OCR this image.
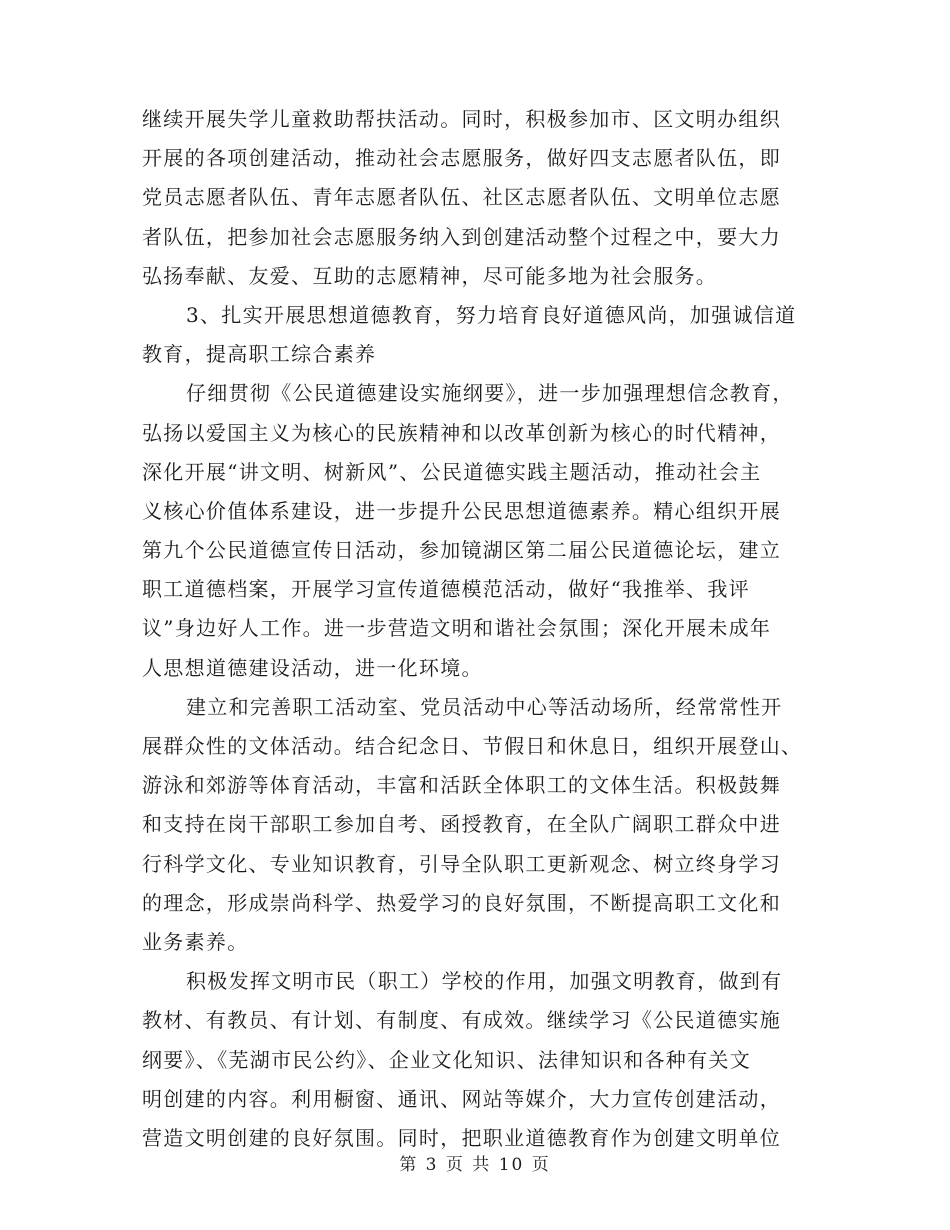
继续开展失学儿童救助帮扶活动。同时，积极参加市、区文明办组织
开展的各项创建活动，推动社会志愿服务，做好四支志愿者队伍，即
党员志愿者队伍、青年志愿者队伍、社区志愿者队伍、文明单位志愿
者队伍，把参加社会志愿服务纳入到创建活动整个过程之中，要大力
弘扬奉献、友爱、互助的志愿精神，尽可能多地为社会服务。
3、扎实开展思想道德教育，努力培育良好道德风尚，加强诚信道
教育，提高职工综合素养
仔细贯彻《公民道德建设实施纲要》，进一步加强理想信念教育，
弘扬以爱国主义为核心的民族精神和以改革创新为核心的时代精神，
深化开展“讲文明、树新风”、公民道德实践主题活动，推动社会主
义核心价值体系建设，进一步提升公民思想道德素养。精心组织开展
第九个公民道德宣传日活动，参加镜湖区第二届公民道德论坛，建立
职工道德档案，开展学习宣传道德模范活动，做好“我推举、我评
议”身边好人工作。进一步营造文明和谐社会氛围；深化开展未成年
人思想道德建设活动，进一化环境。
建立和完善职工活动室、党员活动中心等活动场所，经常常性开
展群众性的文体活动。结合纪念日、节假日和休息日，组织开展登山、
游泳和郊游等体育活动，丰富和活跃全体职工的文体生活。积极鼓舞
和支持在岗干部职工参加自考、函授教育，在全队广阔职工群众中进
行科学文化、专业知识教育，引导全队职工更新观念、树立终身学习
的理念，形成崇尚科学、热爱学习的良好氛围，不断提高职工文化和
业务素养。
积极发挥文明市民（职工）学校的作用，加强文明教育，做到有
教材、有教员、有计划、有制度、有成效。继续学习《公民道德实施
纲要》、《芜湖市民公约》、企业文化知识、法律知识和各种有关文
明创建的内容。利用橱窗、通讯、网站等媒介，大力宣传创建活动，
营造文明创建的良好氛围。同时，把职业道德教育作为创建文明单位
第 3 页 共 10 页
